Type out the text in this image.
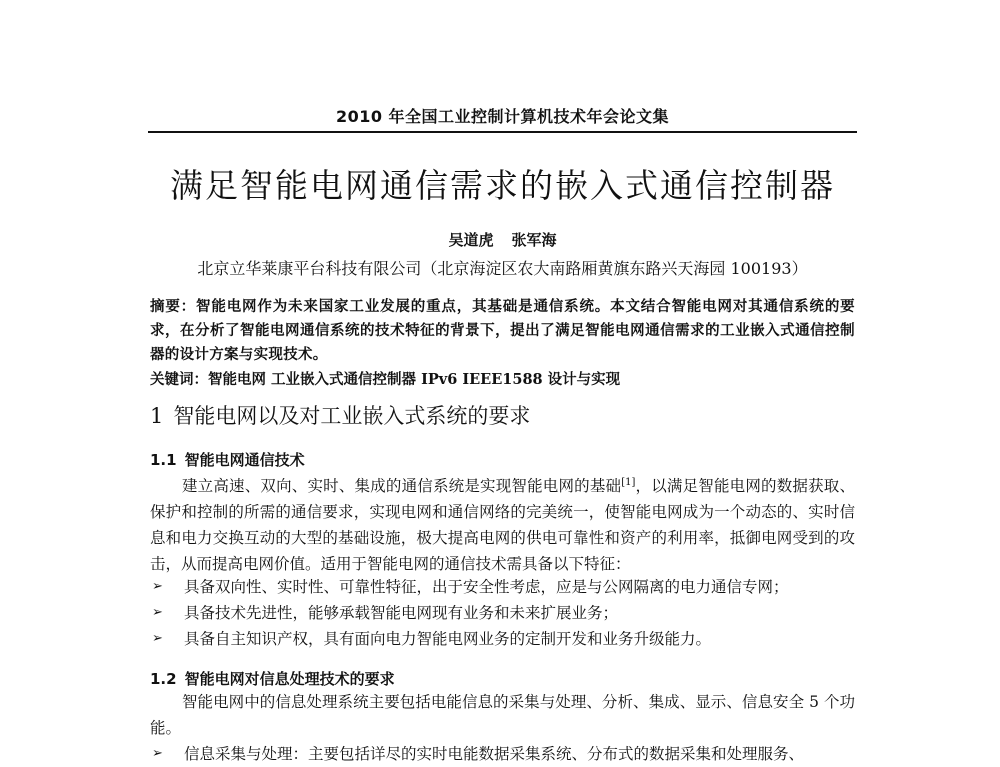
2010 年全国工业控制计算机技术年会论文集
满足智能电网通信需求的嵌入式通信控制器
吴道虎 张军海
北京立华莱康平台科技有限公司（北京海淀区农大南路厢黄旗东路兴天海园 100193）
摘要：智能电网作为未来国家工业发展的重点，其基础是通信系统。本文结合智能电网对其通信系统的要求，在分析了智能电网通信系统的技术特征的背景下，提出了满足智能电网通信需求的工业嵌入式通信控制器的设计方案与实现技术。
关键词：智能电网 工业嵌入式通信控制器 IPv6 IEEE1588 设计与实现
1 智能电网以及对工业嵌入式系统的要求
1.1 智能电网通信技术
建立高速、双向、实时、集成的通信系统是实现智能电网的基础[1]，以满足智能电网的数据获取、保护和控制的所需的通信要求，实现电网和通信网络的完美统一，使智能电网成为一个动态的、实时信息和电力交换互动的大型的基础设施，极大提高电网的供电可靠性和资产的利用率，抵御电网受到的攻击，从而提高电网价值。适用于智能电网的通信技术需具备以下特征：
➢ 具备双向性、实时性、可靠性特征，出于安全性考虑，应是与公网隔离的电力通信专网；
➢ 具备技术先进性，能够承载智能电网现有业务和未来扩展业务；
➢ 具备自主知识产权，具有面向电力智能电网业务的定制开发和业务升级能力。
1.2 智能电网对信息处理技术的要求
智能电网中的信息处理系统主要包括电能信息的采集与处理、分析、集成、显示、信息安全 5 个功能。
➢ 信息采集与处理：主要包括详尽的实时电能数据采集系统、分布式的数据采集和处理服务、
